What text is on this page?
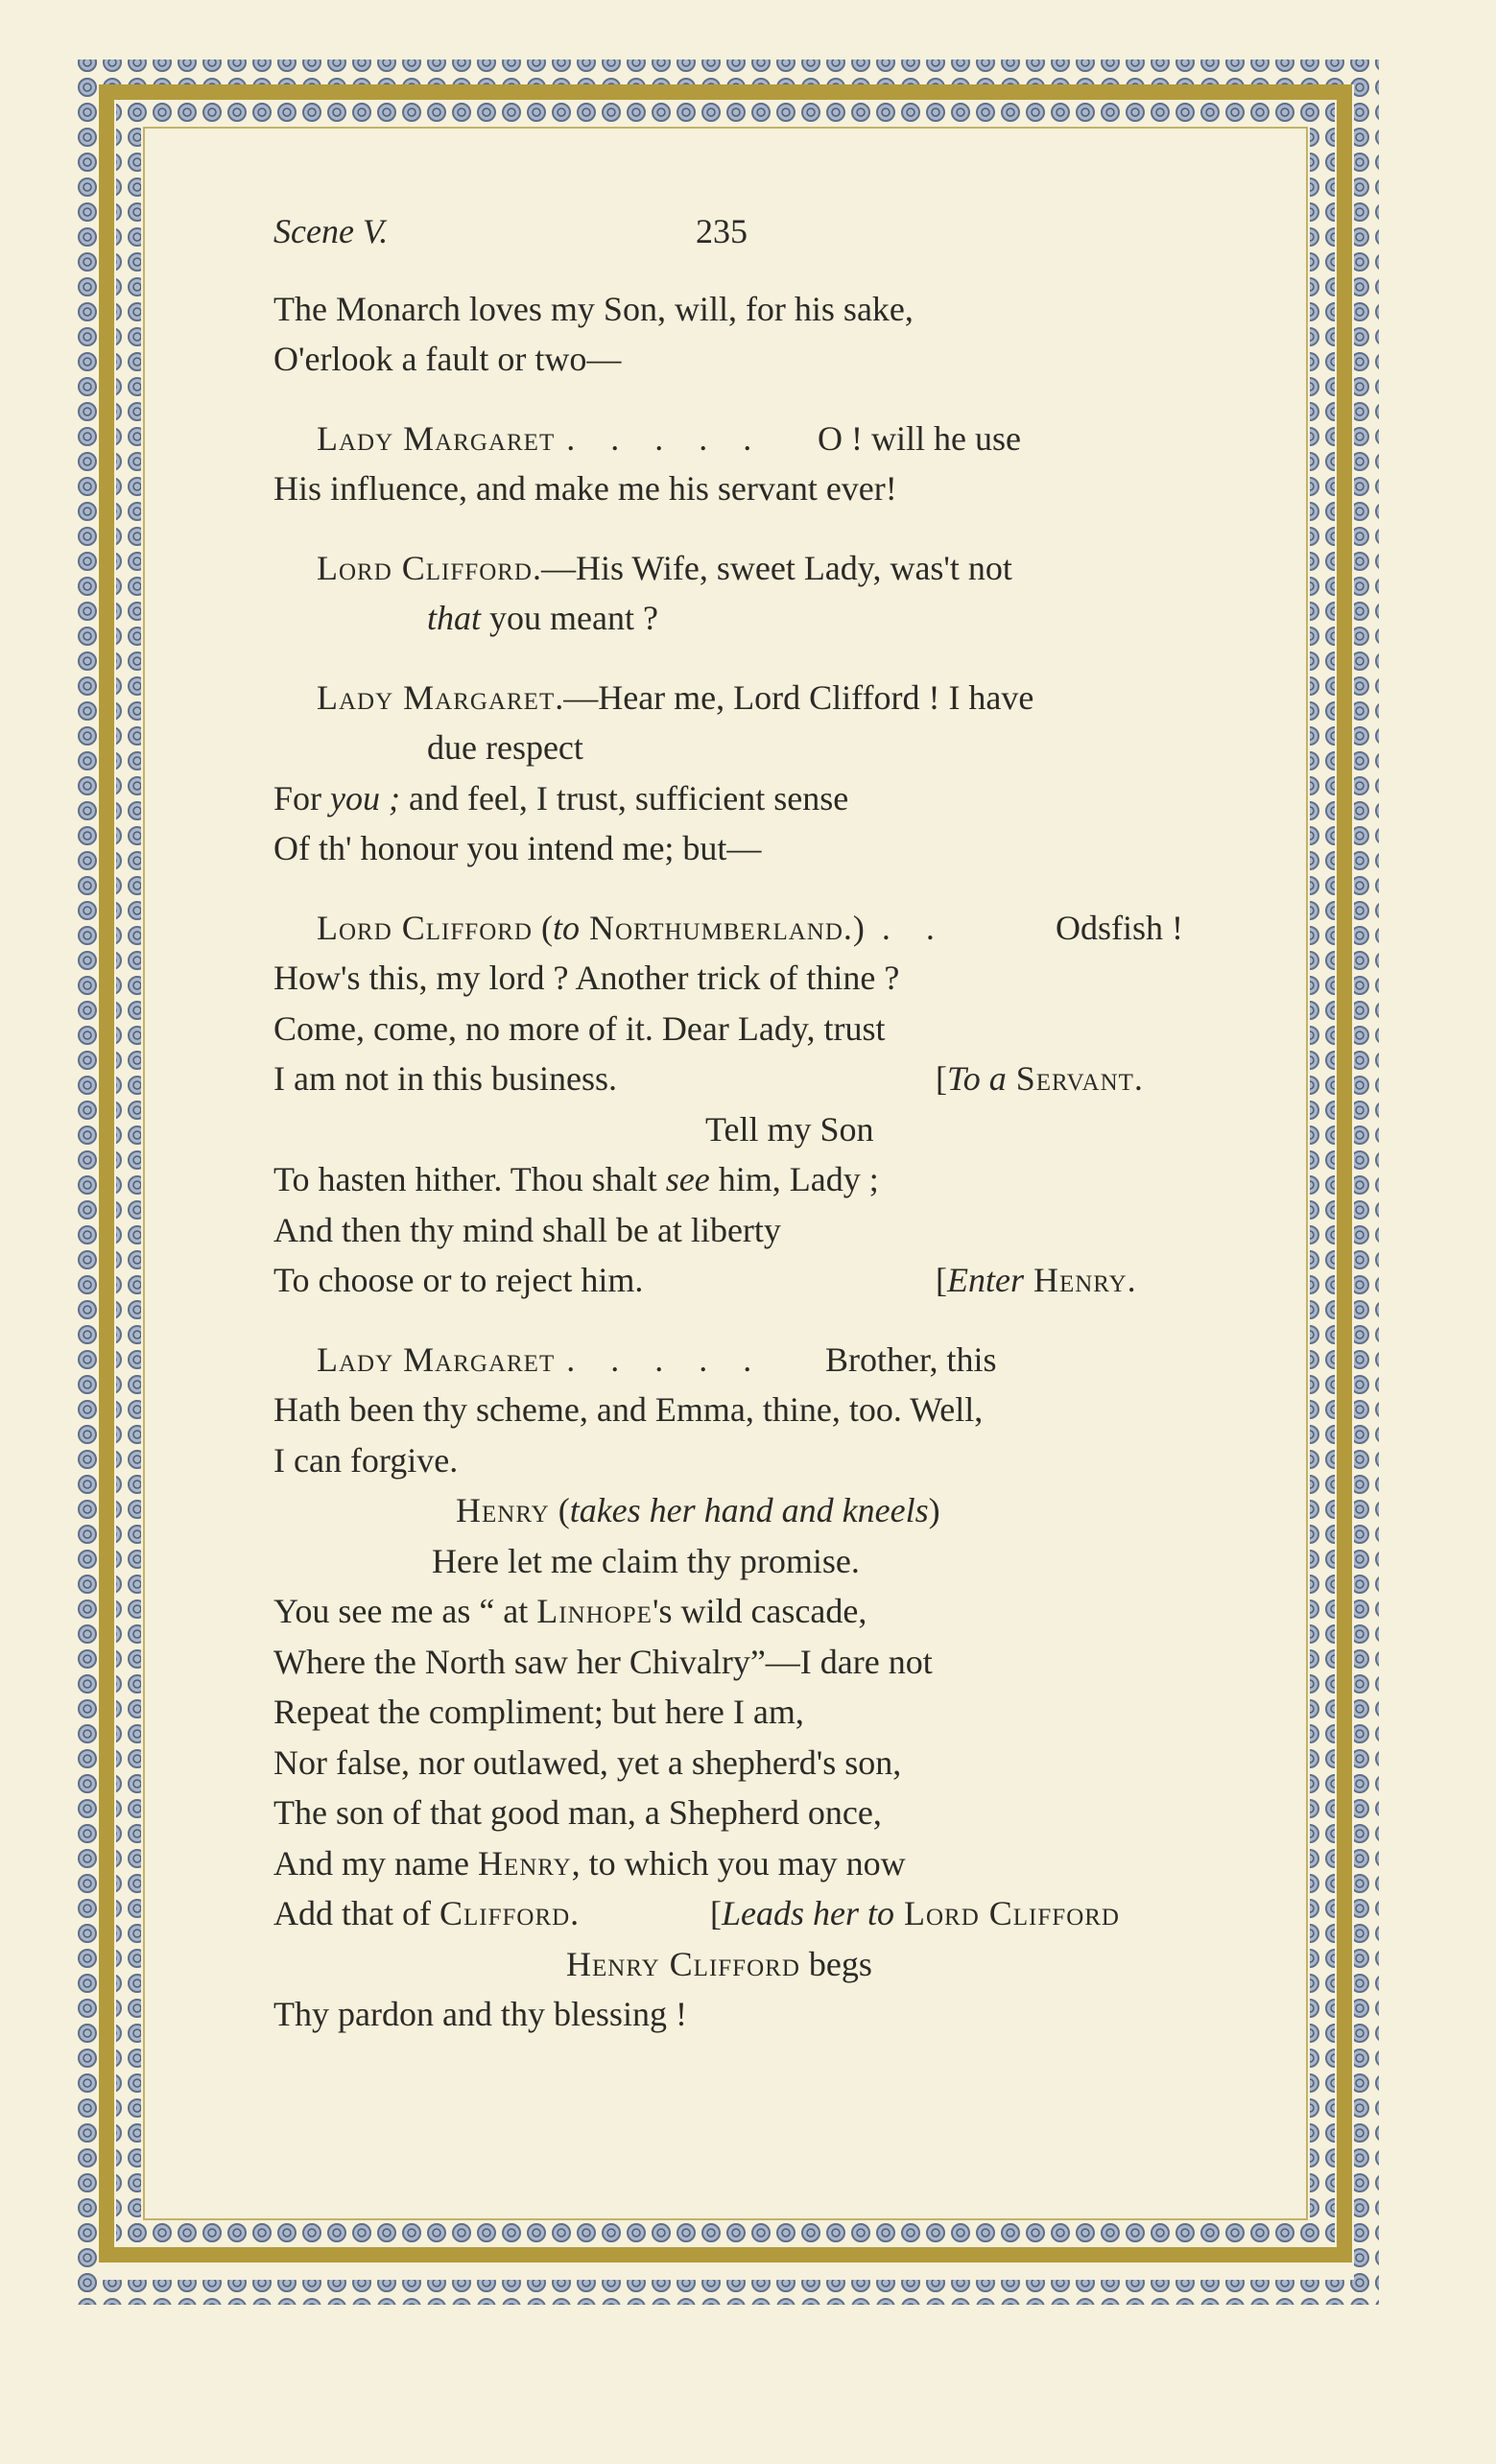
Scene V.	235
The Monarch loves my Son, will, for his sake,
O'erlook a fault or two—
Lady Margaret . . . . . O ! will he use
His influence, and make me his servant ever!
Lord Clifford.—His Wife, sweet Lady, was't not
that you meant ?
Lady Margaret.—Hear me, Lord Clifford ! I have
due respect
For you ; and feel, I trust, sufficient sense
Of th' honour you intend me; but—
Lord Clifford (to Northumberland.) . .	Odsfish !
How's this, my lord ? Another trick of thine ?
Come, come, no more of it. Dear Lady, trust
I am not in this business.	[To a Servant.
Tell my Son
To hasten hither. Thou shalt see him, Lady ;
And then thy mind shall be at liberty
To choose or to reject him.	[Enter Henry.
Lady Margaret . . . . . Brother, this
Hath been thy scheme, and Emma, thine, too. Well,
I can forgive.
Henry (takes her hand and kneels)
Here let me claim thy promise.
You see me as “ at Linhope's wild cascade,
Where the North saw her Chivalry”—I dare not
Repeat the compliment; but here I am,
Nor false, nor outlawed, yet a shepherd's son,
The son of that good man, a Shepherd once,
And my name Henry, to which you may now
Add that of Clifford.	[Leads her to Lord Clifford
Henry Clifford begs
Thy pardon and thy blessing !
